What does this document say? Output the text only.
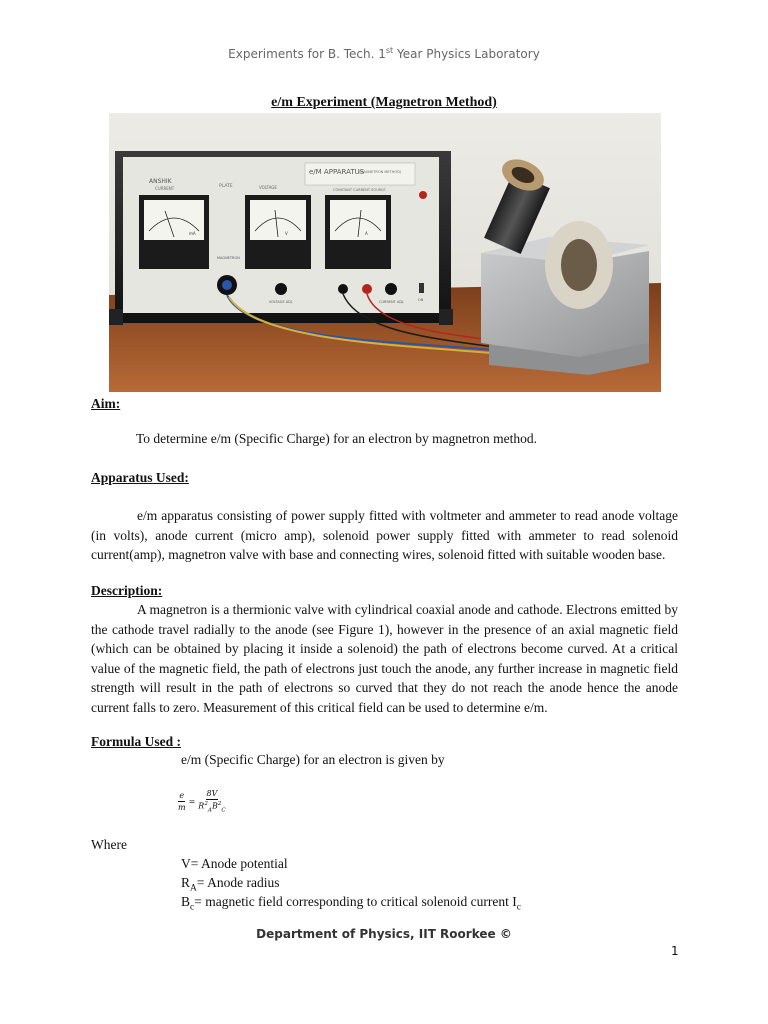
Experiments for B. Tech. 1st Year Physics Laboratory
e/m Experiment (Magnetron Method)
ANSHIK
CURRENT	PLATE	VOLTAGE
e/M APPARATUS
(MAGNETRON METHOD)
CONSTANT CURRENT SOURCE
mA	V	A
MAGNETRON
VOLTAGE ADJ.	CURRENT ADJ.	ON
Aim:
To determine e/m (Specific Charge) for an electron by magnetron method.
Apparatus Used:
e/m apparatus consisting of power supply fitted with voltmeter and ammeter to read anode voltage (in volts), anode current (micro amp), solenoid power supply fitted with ammeter to read solenoid current(amp), magnetron valve with base and connecting wires, solenoid fitted with suitable wooden base.
Description:
A magnetron is a thermionic valve with cylindrical coaxial anode and cathode. Electrons emitted by the cathode travel radially to the anode (see Figure 1), however in the presence of an axial magnetic field (which can be obtained by placing it inside a solenoid) the path of electrons become curved. At a critical value of the magnetic field, the path of electrons just touch the anode, any further increase in magnetic field strength will result in the path of electrons so curved that they do not reach the anode hence the anode current falls to zero. Measurement of this critical field can be used to determine e/m.
Formula Used :
e/m (Specific Charge) for an electron is given by
$\frac{e}{m} = \frac{8V}{R^2_AB^2_C}$
Where
V= Anode potential
$R_A=$ Anode radius
$B_c=$ magnetic field corresponding to critical solenoid current $I_c$
Department of Physics, IIT Roorkee ©
1
